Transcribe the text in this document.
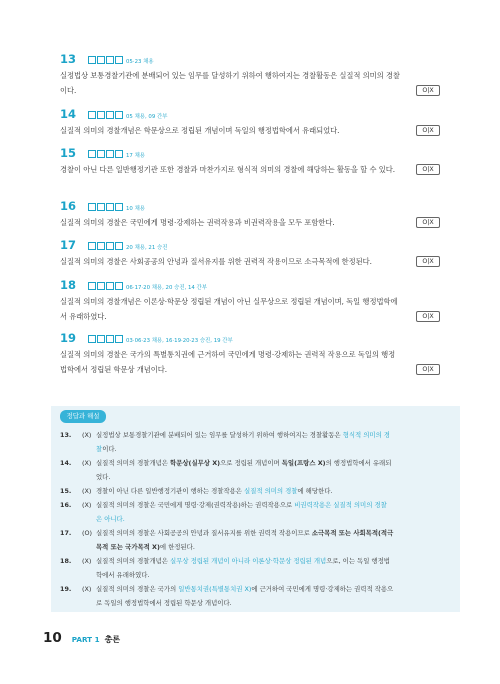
13	05·23 채용
실정법상 보통경찰기관에 분배되어 있는 임무를 달성하기 위하여 행하여지는 경찰활동은 실질적 의미의 경찰
이다.	O|X
14	05 채용, 09 간부
실질적 의미의 경찰개념은 학문상으로 정립된 개념이며 독일의 행정법학에서 유래되었다.	O|X
15	17 채용
경찰이 아닌 다른 일반행정기관 또한 경찰과 마찬가지로 형식적 의미의 경찰에 해당하는 활동을 할 수 있다.	O|X
16	10 채용
실질적 의미의 경찰은 국민에게 명령·강제하는 권력작용과 비권력작용을 모두 포함한다.	O|X
17	20 채용, 21 승진
실질적 의미의 경찰은 사회공공의 안녕과 질서유지를 위한 권력적 작용이므로 소극목적에 한정된다.	O|X
18	06·17·20 채용, 20 승진, 14 간부
실질적 의미의 경찰개념은 이론상·학문상 정립된 개념이 아닌 실무상으로 정립된 개념이며, 독일 행정법학에
서 유래하였다.	O|X
19	03·06·23 채용, 16·19·20·23 승진, 19 간부
실질적 의미의 경찰은 국가의 특별통치권에 근거하여 국민에게 명령·강제하는 권력적 작용으로 독일의 행정
법학에서 정립된 학문상 개념이다.	O|X
정답과 해설
13. (X) 실정법상 보통경찰기관에 분배되어 있는 임무를 달성하기 위하여 행하여지는 경찰활동은 형식적 의미의 경
찰이다.
14. (X) 실질적 의미의 경찰개념은 학문상(실무상 X)으로 정립된 개념이며 독일(프랑스 X)의 행정법학에서 유래되
었다.
15. (X) 경찰이 아닌 다른 일반행정기관이 행하는 경찰작용은 실질적 의미의 경찰에 해당한다.
16. (X) 실질적 의미의 경찰은 국민에게 명령·강제(권력작용)하는 권력작용으로 비권력작용은 실질적 의미의 경찰
은 아니다.
17. (O) 실질적 의미의 경찰은 사회공공의 안녕과 질서유지를 위한 권력적 작용이므로 소극목적 또는 사회목적(적극
목적 또는 국가목적 X)에 한정된다.
18. (X) 실질적 의미의 경찰개념은 실무상 정립된 개념이 아니라 이론상·학문상 정립된 개념으로, 이는 독일 행정법
학에서 유래하였다.
19. (X) 실질적 의미의 경찰은 국가의 일반통치권(특별통치권 X)에 근거하여 국민에게 명령·강제하는 권력적 작용으
로 독일의 행정법학에서 정립된 학문상 개념이다.
10 PART 1 총론
